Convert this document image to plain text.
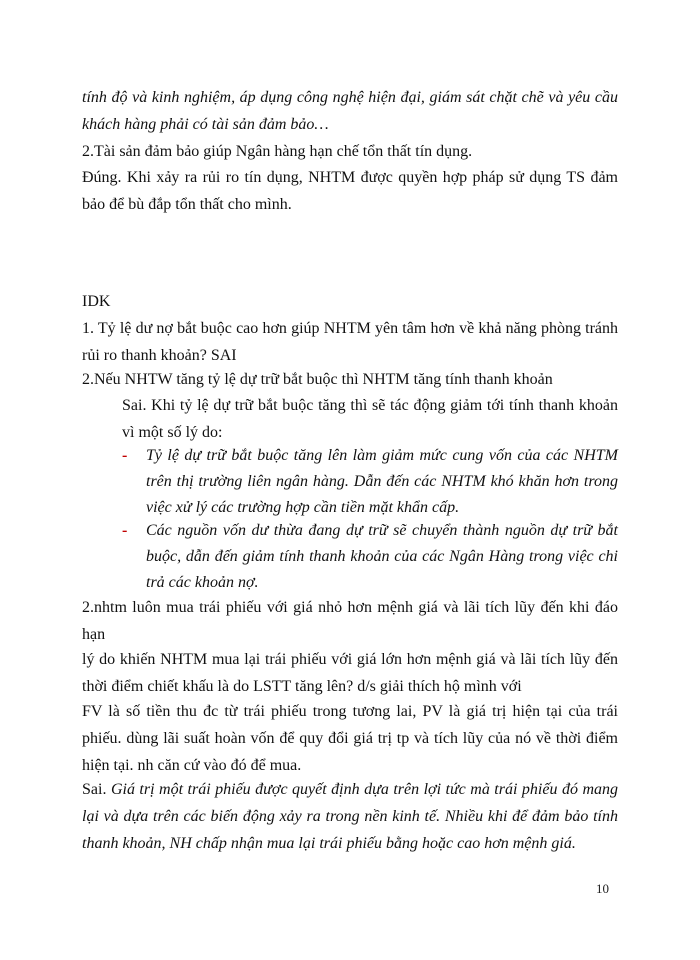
tính độ và kinh nghiệm, áp dụng công nghệ hiện đại, giám sát chặt chẽ và yêu cầu khách hàng phải có tài sản đảm bảo…
2.Tài sản đảm bảo giúp Ngân hàng hạn chế tổn thất tín dụng.
Đúng. Khi xảy ra rủi ro tín dụng, NHTM được quyền hợp pháp sử dụng TS đảm bảo để bù đắp tổn thất cho mình.
IDK
1. Tỷ lệ dư nợ bắt buộc cao hơn giúp NHTM yên tâm hơn về khả năng phòng tránh rủi ro thanh khoản? SAI
2.Nếu NHTW tăng tỷ lệ dự trữ bắt buộc thì NHTM tăng tính thanh khoản
Sai. Khi tỷ lệ dự trữ bắt buộc tăng thì sẽ tác động giảm tới tính thanh khoản vì một số lý do:
- Tỷ lệ dự trữ bắt buộc tăng lên làm giảm mức cung vốn của các NHTM trên thị trường liên ngân hàng. Dẫn đến các NHTM khó khăn hơn trong việc xử lý các trường hợp cần tiền mặt khẩn cấp.
- Các nguồn vốn dư thừa đang dự trữ sẽ chuyển thành nguồn dự trữ bắt buộc, dẫn đến giảm tính thanh khoản của các Ngân Hàng trong việc chi trả các khoản nợ.
2.nhtm luôn mua trái phiếu với giá nhỏ hơn mệnh giá và lãi tích lũy đến khi đáo hạn
lý do khiến NHTM mua lại trái phiếu với giá lớn hơn mệnh giá và lãi tích lũy đến thời điểm chiết khấu là do LSTT tăng lên? d/s giải thích hộ mình với
FV là số tiền thu đc từ trái phiếu trong tương lai, PV là giá trị hiện tại của trái phiếu. dùng lãi suất hoàn vốn để quy đổi giá trị tp và tích lũy của nó về thời điểm hiện tại. nh căn cứ vào đó để mua.
Sai. Giá trị một trái phiếu được quyết định dựa trên lợi tức mà trái phiếu đó mang lại và dựa trên các biến động xảy ra trong nền kinh tế. Nhiều khi để đảm bảo tính thanh khoản, NH chấp nhận mua lại trái phiếu bằng hoặc cao hơn mệnh giá.
10
